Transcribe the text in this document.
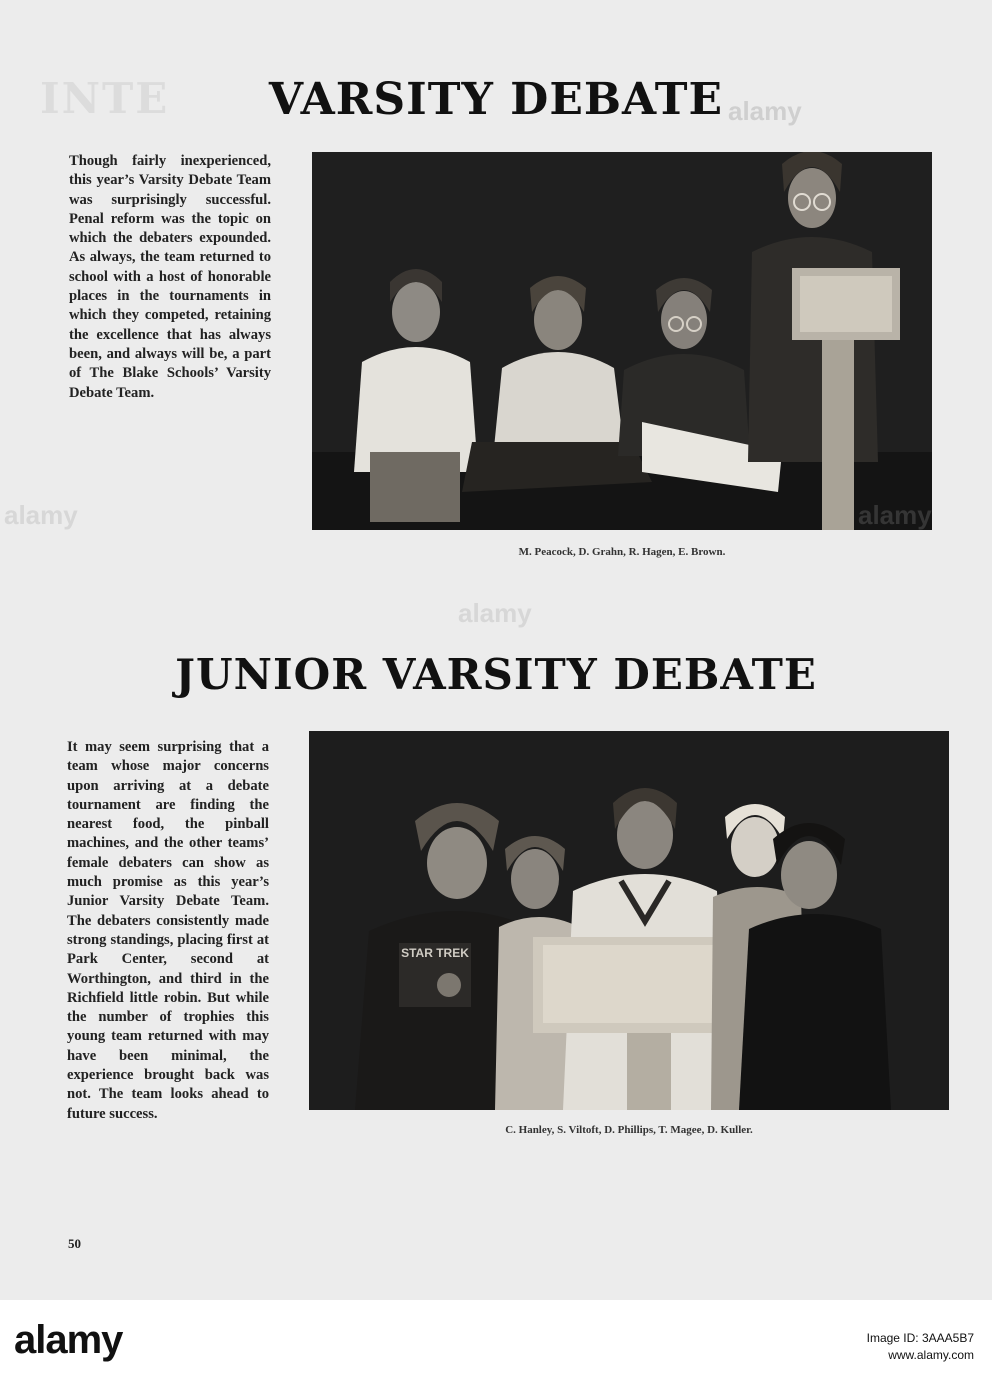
INTE	VARSITY DEBATE

Though fairly inexperienced, this year’s Varsity Debate Team was surprisingly successful. Penal reform was the topic on which the debaters expounded. As always, the team returned to school with a host of honorable places in the tournaments in which they competed, retaining the excellence that has always been, and always will be, a part of The Blake Schools’ Varsity Debate Team.

M. Peacock, D. Grahn, R. Hagen, E. Brown.

JUNIOR VARSITY DEBATE

It may seem surprising that a team whose major concerns upon arriving at a debate tournament are finding the nearest food, the pinball machines, and the other teams’ female debaters can show as much promise as this year’s Junior Varsity Debate Team. The debaters consistently made strong standings, placing first at Park Center, second at Worthington, and third in the Richfield little robin. But while the number of trophies this young team returned with may have been minimal, the experience brought back was not. The team looks ahead to future success.

STAR TREK

C. Hanley, S. Viltoft, D. Phillips, T. Magee, D. Kuller.

50

alamy
alamy
alamy
alamy

alamy	Image ID: 3AAA5B7
www.alamy.com
